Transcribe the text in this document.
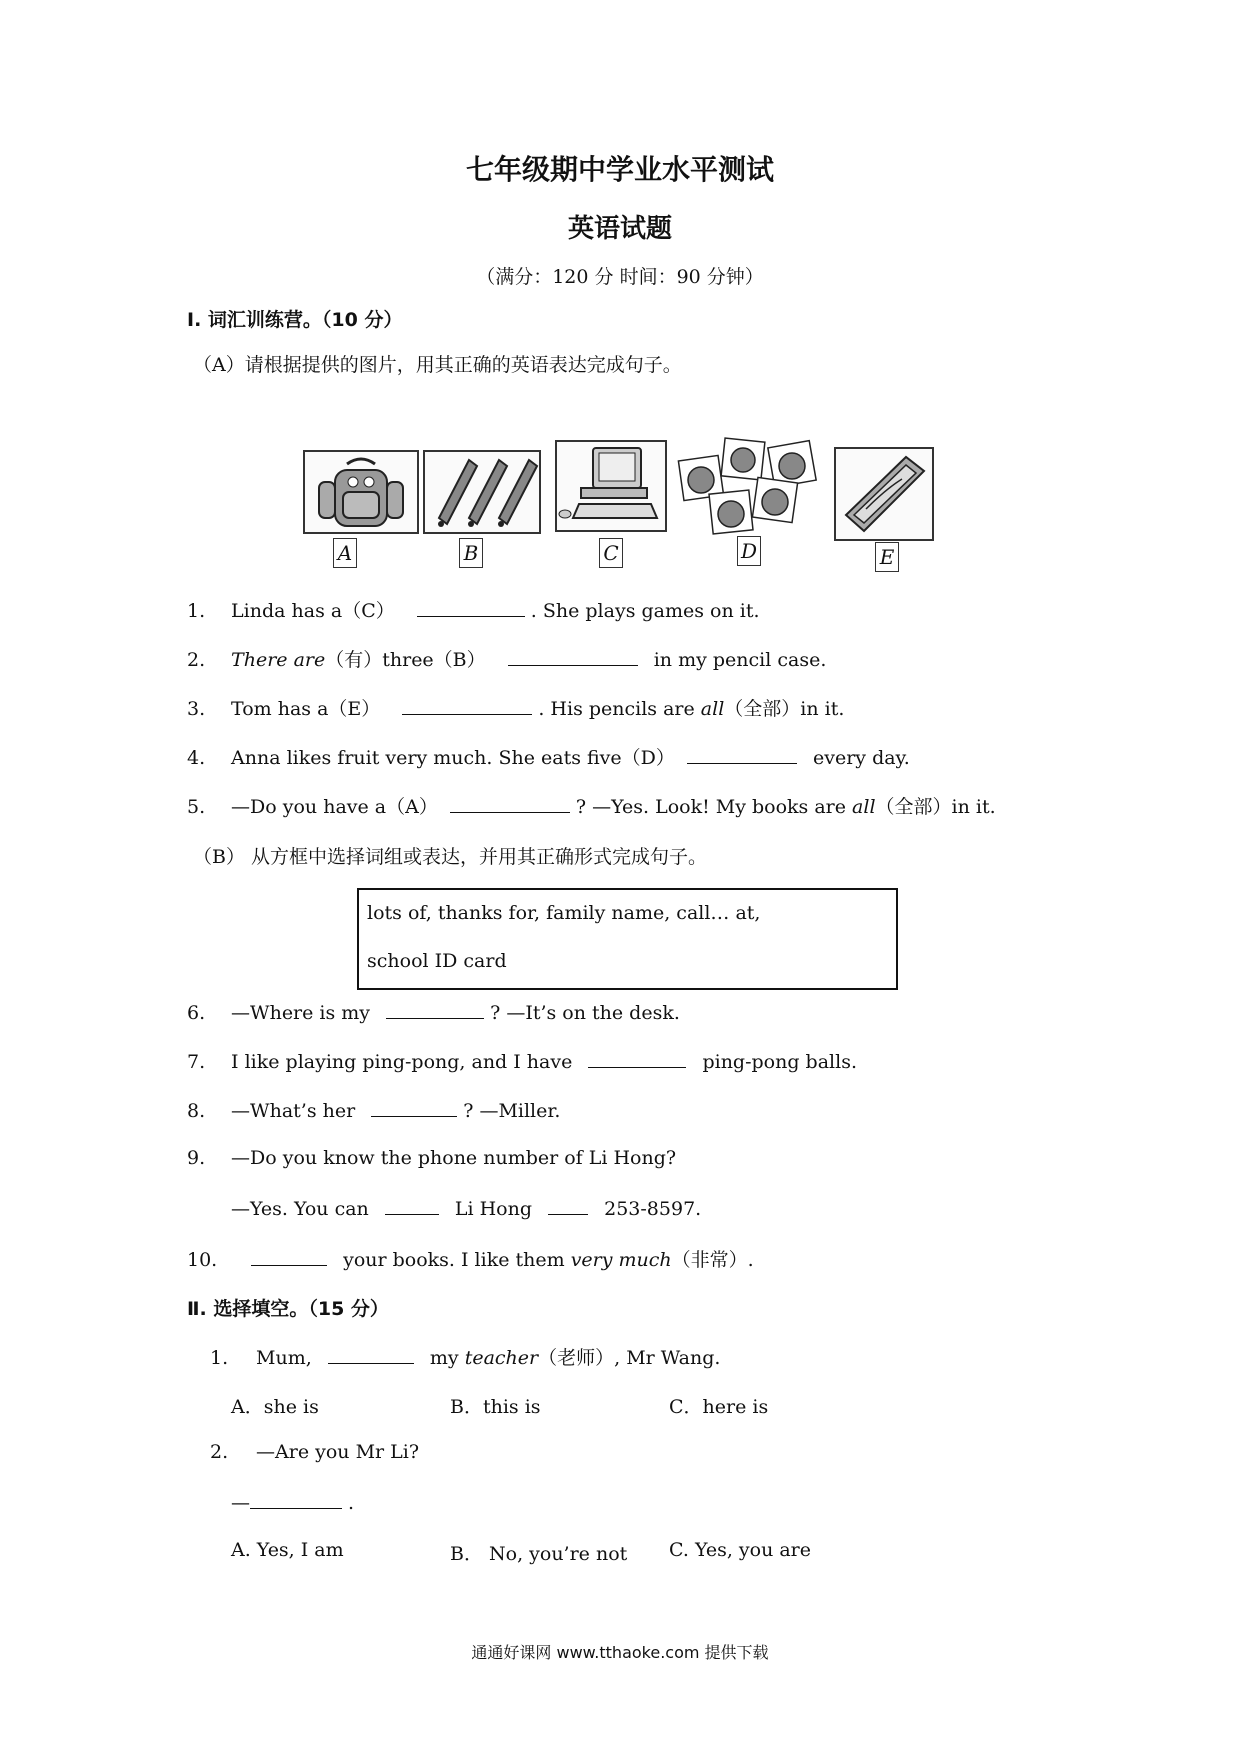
七年级期中学业水平测试
英语试题
（满分：120 分 时间：90 分钟）
I. 词汇训练营。（10 分）
（A）请根据提供的图片，用其正确的英语表达完成句子。
A	B	C	D	E
1. Linda has a（C）	. She plays games on it.
2. There are（有）three（B）	in my pencil case.
3. Tom has a（E）	. His pencils are all（全部）in it.
4. Anna likes fruit very much. She eats five（D）	every day.
5. —Do you have a（A）	? —Yes. Look! My books are all（全部）in it.
（B） 从方框中选择词组或表达，并用其正确形式完成句子。
lots of, thanks for, family name, call… at,
school ID card
6. —Where is my	? —It’s on the desk.
7. I like playing ping-pong, and I have	ping-pong balls.
8. —What’s her	? —Miller.
9. —Do you know the phone number of Li Hong?
—Yes. You can	Li Hong	253-8597.
10.	your books. I like them very much（非常）.
Ⅱ. 选择填空。（15 分）
1. Mum,	my teacher（老师）, Mr Wang.
A．she is	B．this is	C．here is
2. —Are you Mr Li?
—	.
A. Yes, I am	B． No, you’re not C. Yes, you are
通通好课网 www.tthaoke.com 提供下载
